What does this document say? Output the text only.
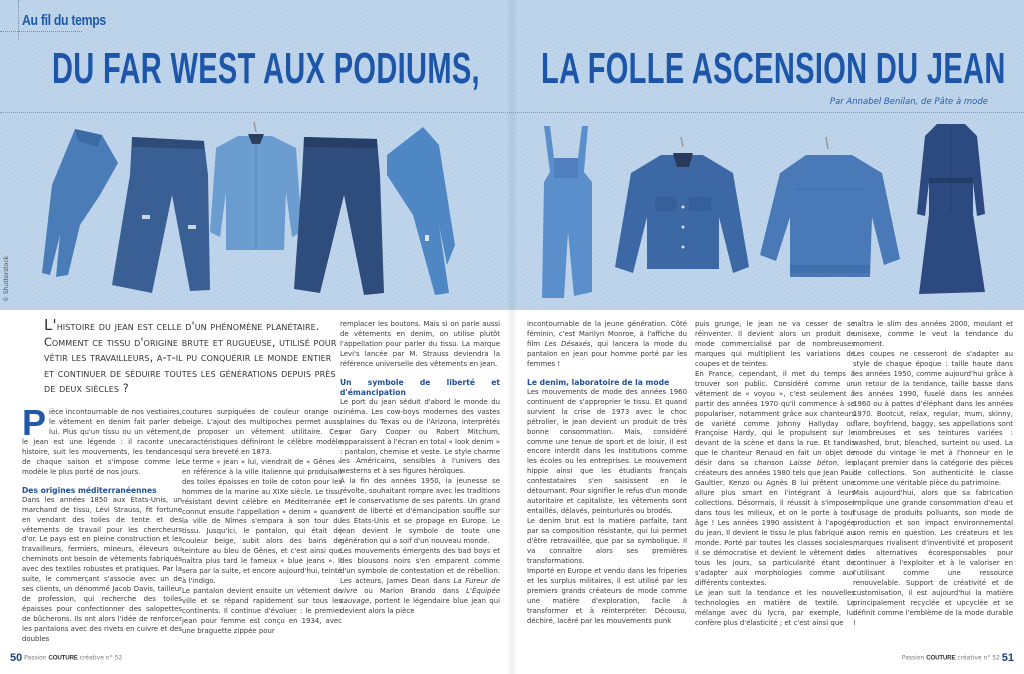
Au fil du temps
DU FAR WEST AUX PODIUMS, LA FOLLE ASCENSION DU JEAN
Par Annabel Benilan, de Pâte à mode
© Shutterstock
L'histoire du jean est celle d'un phénomène planétaire. Comment ce tissu d'origine brute et rugueuse, utilisé pour vêtir les travailleurs, a-t-il pu conquérir le monde entier et continuer de séduire toutes les générations depuis près de deux siècles ?

Pièce incontournable de nos vestiaires, le vêtement en denim fait parler de lui. Plus qu'un tissu ou un vêtement, le jean est une légende : il raconte une histoire, suit les mouvements, les tendances de chaque saison et s'impose comme le modèle le plus porté de nos jours.

Des origines méditerranéennes

Dans les années 1850 aux États-Unis, un marchand de tissu, Lévi Strauss, fit fortune en vendant des toiles de tente et des vêtements de travail pour les chercheurs d'or. Le pays est en pleine construction et les travailleurs, fermiers, mineurs, éleveurs ou cheminots ont besoin de vêtements fabriqués avec des textiles robustes et pratiques. Par la suite, le commerçant s'associe avec un de ses clients, un dénommé Jacob Davis, tailleur de profession, qui recherche des toiles épaisses pour confectionner des salopettes de bûcherons. Ils ont alors l'idée de renforcer les pantalons avec des rivets en cuivre et des doubles

coutures surpiquées de couleur orange ou beige. L'ajout des multipoches permet aussi de proposer un vêtement utilitaire. Ces caractéristiques définiront le célèbre modèle qui sera breveté en 1873.

Le terme « jean » lui, viendrait de « Gênes » en référence à la ville italienne qui produisait des toiles épaisses en toile de coton pour les hommes de la marine au XIXe siècle. Le tissu résistant devint célèbre en Méditerranée et connut ensuite l'appellation « denim » quand la ville de Nîmes s'empara à son tour du tissu. Jusqu'ici, le pantalon, qui était de couleur beige, subit alors des bains de teinture au bleu de Gênes, et c'est ainsi que naîtra plus tard le fameux « blue jeans ». Il sera par la suite, et encore aujourd'hui, teinté à l'indigo.

Le pantalon devient ensuite un vêtement de ville et se répand rapidement sur tous les continents. Il continue d'évoluer : le premier jean pour femme est conçu en 1934, avec une braguette zippée pour

remplacer les boutons. Mais si on parle aussi de vêtements en denim, on utilise plutôt l'appellation pour parler du tissu. La marque Levi's lancée par M. Strauss deviendra la référence universelle des vêtements en jean.

Un symbole de liberté et d'émancipation

Le port du jean séduit d'abord le monde du cinéma. Les cow-boys modernes des vastes plaines du Texas ou de l'Arizona, interprétés par Gary Cooper ou Robert Mitchum, apparaissent à l'écran en total « look denim » : pantalon, chemise et veste. Le style charme les Américains, sensibles à l'univers des westerns et à ses figures héroïques.

À la fin des années 1950, la jeunesse se révolte, souhaitant rompre avec les traditions et le conservatisme de ses parents. Un grand vent de liberté et d'émancipation souffle sur les États-Unis et se propage en Europe. Le jean devient le symbole de toute une génération qui a soif d'un nouveau monde.

Les mouvements émergents des bad boys et des blousons noirs s'en emparent comme d'un symbole de contestation et de rébellion. Les acteurs, James Dean dans La Fureur de vivre ou Marlon Brando dans L'Équipée sauvage, portent le légendaire blue jean qui devient alors la pièce

incontournable de la jeune génération. Côté féminin, c'est Marilyn Monroe, à l'affiche du film Les Désaxés, qui lancera la mode du pantalon en jean pour homme porté par les femmes !

Le denim, laboratoire de la mode

Les mouvements de mode des années 1960 continuent de s'approprier le tissu. Et quand survient la crise de 1973 avec le choc pétrolier, le jean devient un produit de très bonne consommation. Mais, considéré comme une tenue de sport et de loisir, il est encore interdit dans les institutions comme les écoles ou les entreprises. Le mouvement hippie ainsi que les étudiants français contestataires s'en saisissent en le détournant. Pour signifier le refus d'un monde autoritaire et capitaliste, les vêtements sont entaillés, délavés, peinturlurés ou brodés.

Le denim brut est la matière parfaite, tant par sa composition résistante, qui lui permet d'être retravaillée, que par sa symbolique. Il va connaître alors ses premières transformations.

Importé en Europe et vendu dans les friperies et les surplus militaires, il est utilisé par les premiers grands créateurs de mode comme une matière d'exploration, facile à transformer et à réinterpréter. Décousu, déchiré, lacéré par les mouvements punk

puis grunge, le jean ne va cesser de se réinventer. Il devient alors un produit de mode commercialisé par de nombreuses marques qui multiplient les variations de coupes et de teintes.

En France, cependant, il met du temps à trouver son public. Considéré comme un vêtement de « voyou », c'est seulement à partir des années 1970 qu'il commence à se populariser, notamment grâce aux chanteurs de variété comme Johnny Hallyday ou Françoise Hardy, qui le propulsent sur le devant de la scène et dans la rue. Et tandis que le chanteur Renaud en fait un objet de désir dans sa chanson Laisse béton, les créateurs des années 1980 tels que Jean Paul Gaultier, Kenzo ou Agnès B lui prêtent une allure plus smart en l'intégrant à leurs collections. Désormais, il réussit à s'imposer dans tous les milieux, et on le porte à tout âge ! Les années 1990 assistent à l'apogée du jean. Il devient le tissu le plus fabriqué au monde. Porté par toutes les classes sociales, il se démocratise et devient le vêtement de tous les jours, sa particularité étant de s'adapter aux morphologies comme aux différents contextes.

Le jean suit la tendance et les nouvelles technologies en matière de textile. Le mélange avec du lycra, par exemple, lui confère plus d'élasticité ; et c'est ainsi que

naîtra le slim des années 2000, moulant et unisexe, comme le veut la tendance du moment.

Les coupes ne cesseront de s'adapter au style de chaque époque : taille haute dans les années 1950, comme aujourd'hui grâce à un retour de la tendance, taille basse dans les années 1990, fuselé dans les années 1960 ou à pattes d'éléphant dans les années 1970. Bootcut, relax, regular, mum, skinny, flare, boyfriend, baggy, ses appellations sont nombreuses et ses teintures variées : washed, brut, bleached, surteint ou used. La mode du vintage le met à l'honneur en le plaçant premier dans la catégorie des pièces de collections. Son authenticité le classe comme une véritable pièce du patrimoine.

Mais aujourd'hui, alors que sa fabrication implique une grande consommation d'eau et l'usage de produits polluants, son mode de production et son impact environnemental son remis en question. Les créateurs et les marques rivalisent d'inventivité et proposent des alternatives écoresponsables pour continuer à l'exploiter et à le valoriser en l'utilisant comme une ressource renouvelable. Support de créativité et de customisation, il est aujourd'hui la matière principalement recyclée et upcyclée et se définit comme l'emblème de la mode durable !

50 Passion COUTURE créative n° 52	Passion COUTURE créative n° 52 51
